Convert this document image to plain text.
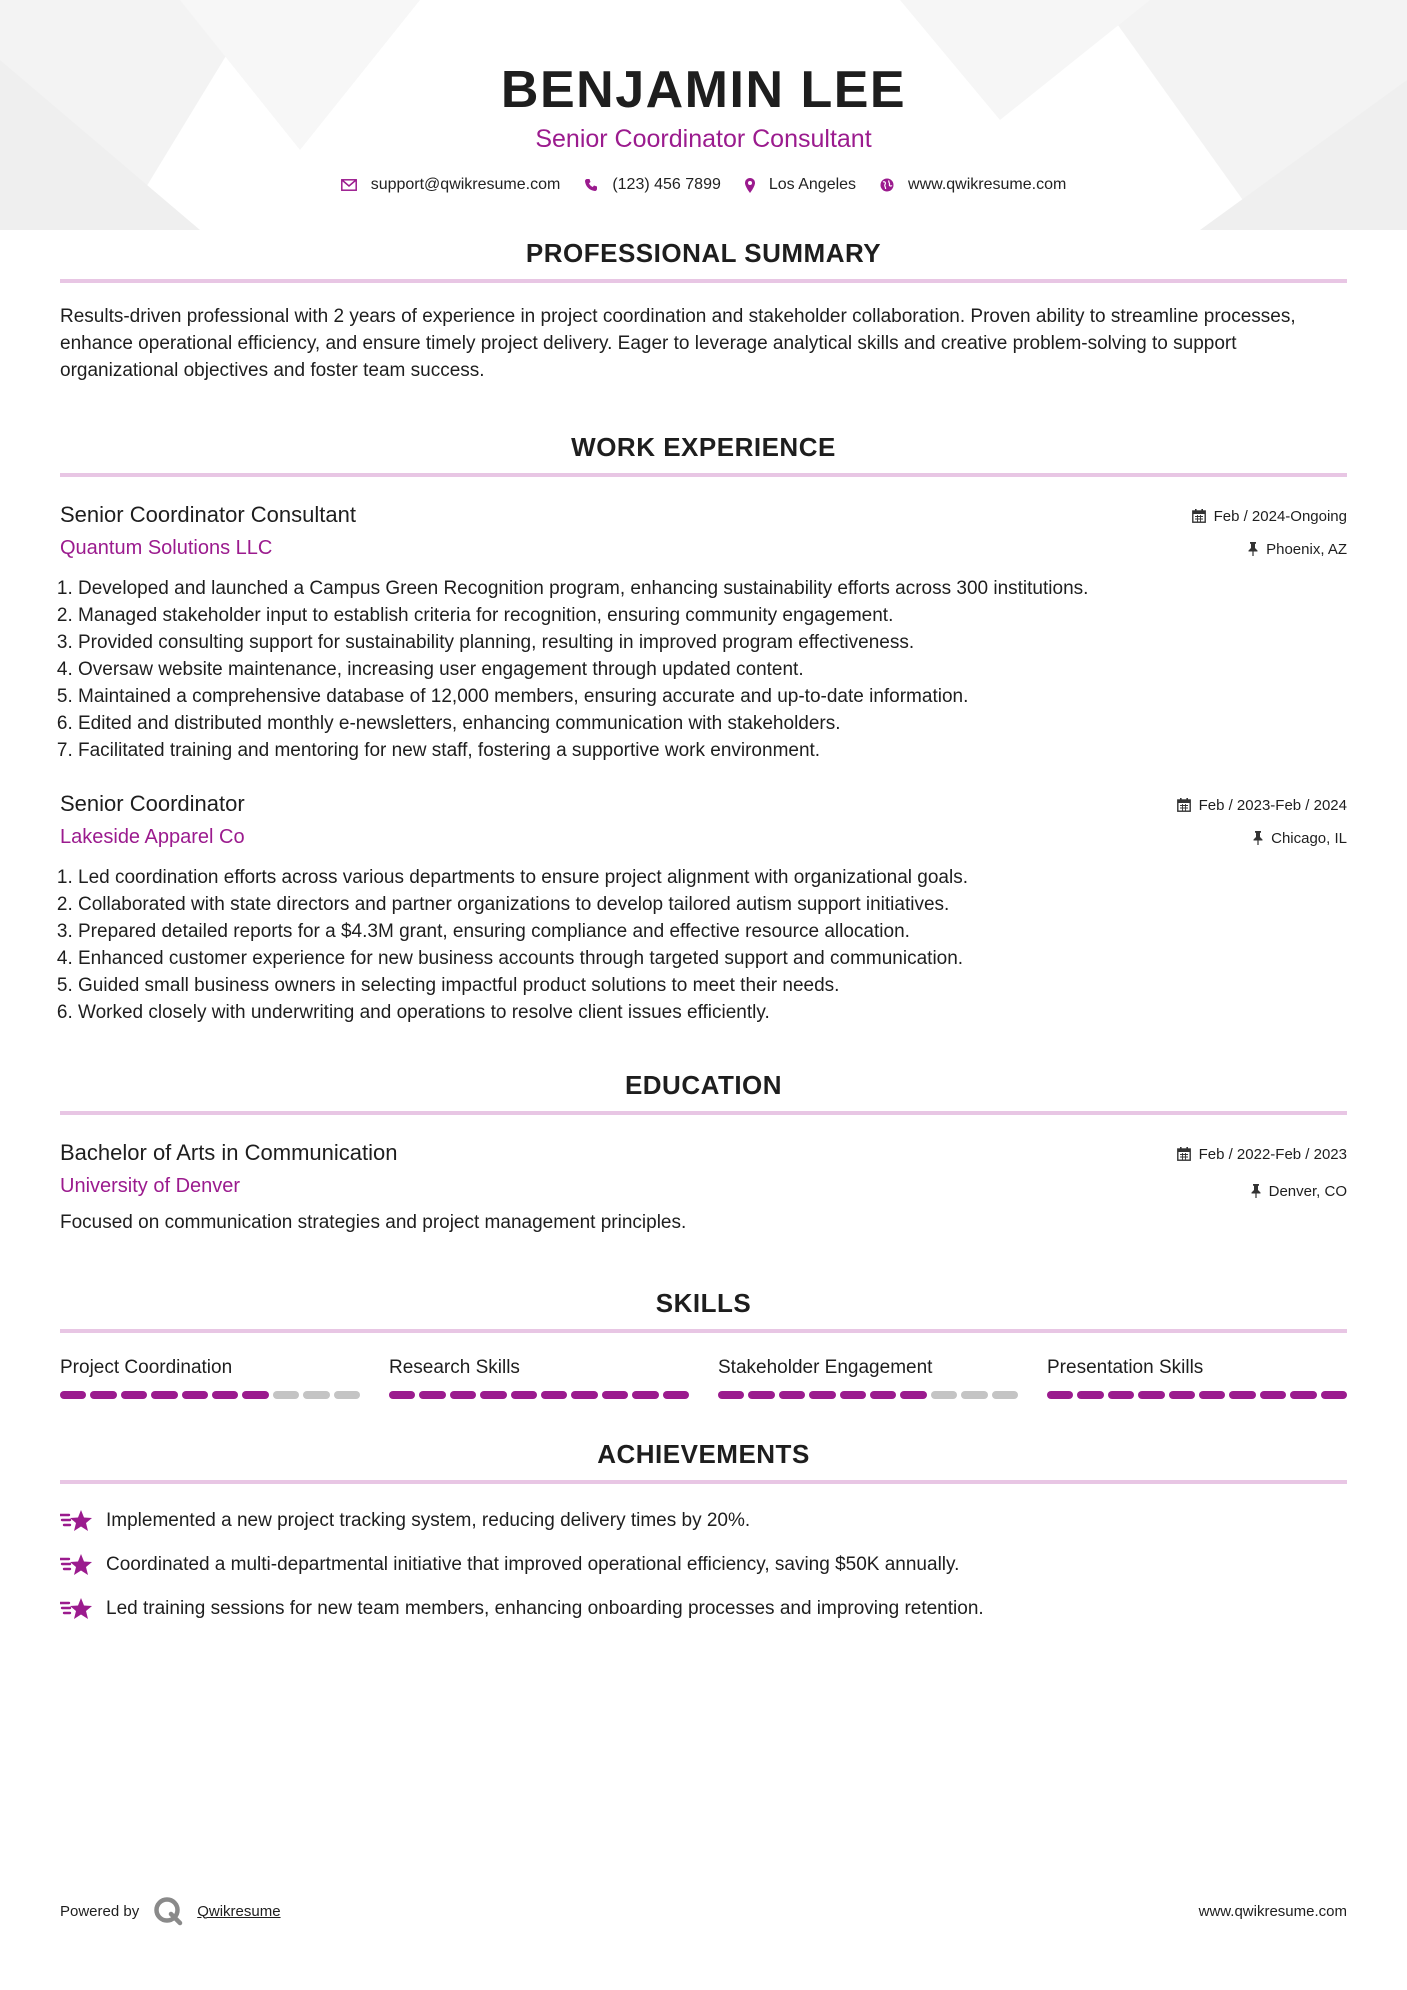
BENJAMIN LEE
Senior Coordinator Consultant
support@qwikresume.com	(123) 456 7899	Los Angeles	www.qwikresume.com
PROFESSIONAL SUMMARY

Results-driven professional with 2 years of experience in project coordination and stakeholder collaboration. Proven ability to streamline processes, enhance operational efficiency, and ensure timely project delivery. Eager to leverage analytical skills and creative problem-solving to support organizational objectives and foster team success.

WORK EXPERIENCE
Senior Coordinator Consultant
Quantum Solutions LLC
Feb / 2024-Ongoing
Phoenix, AZ
1. Developed and launched a Campus Green Recognition program, enhancing sustainability efforts across 300 institutions.
2. Managed stakeholder input to establish criteria for recognition, ensuring community engagement.
3. Provided consulting support for sustainability planning, resulting in improved program effectiveness.
4. Oversaw website maintenance, increasing user engagement through updated content.
5. Maintained a comprehensive database of 12,000 members, ensuring accurate and up-to-date information.
6. Edited and distributed monthly e-newsletters, enhancing communication with stakeholders.
7. Facilitated training and mentoring for new staff, fostering a supportive work environment.
Senior Coordinator
Lakeside Apparel Co
Feb / 2023-Feb / 2024
Chicago, IL
1. Led coordination efforts across various departments to ensure project alignment with organizational goals.
2. Collaborated with state directors and partner organizations to develop tailored autism support initiatives.
3. Prepared detailed reports for a $4.3M grant, ensuring compliance and effective resource allocation.
4. Enhanced customer experience for new business accounts through targeted support and communication.
5. Guided small business owners in selecting impactful product solutions to meet their needs.
6. Worked closely with underwriting and operations to resolve client issues efficiently.
EDUCATION
Bachelor of Arts in Communication
University of Denver
Feb / 2022-Feb / 2023
Denver, CO
Focused on communication strategies and project management principles.
SKILLS
Project Coordination	Research Skills	Stakeholder Engagement	Presentation Skills
ACHIEVEMENTS
Implemented a new project tracking system, reducing delivery times by 20%.
Coordinated a multi-departmental initiative that improved operational efficiency, saving $50K annually.
Led training sessions for new team members, enhancing onboarding processes and improving retention.
Powered by	Qwikresume	www.qwikresume.com
